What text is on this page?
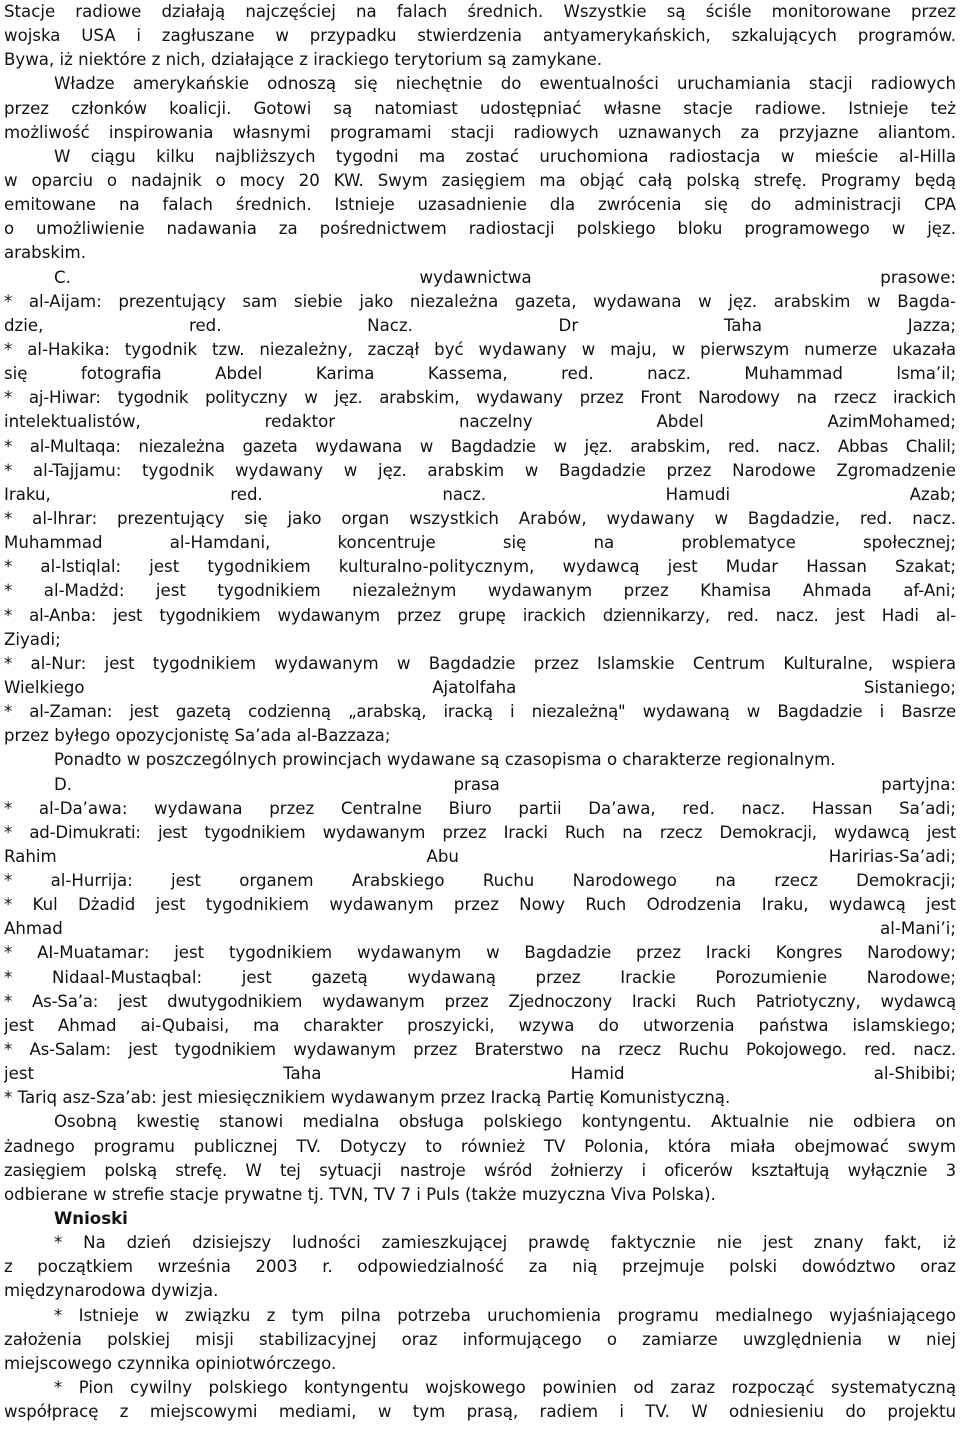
Stacje radiowe działają najczęściej na falach średnich. Wszystkie są ściśle monitorowane przez
wojska USA i zagłuszane w przypadku stwierdzenia antyamerykańskich, szkalujących programów.
Bywa, iż niektóre z nich, działające z irackiego terytorium są zamykane.
Władze amerykańskie odnoszą się niechętnie do ewentualności uruchamiania stacji radiowych
przez członków koalicji. Gotowi są natomiast udostępniać własne stacje radiowe. Istnieje też
możliwość inspirowania własnymi programami stacji radiowych uznawanych za przyjazne aliantom.
W ciągu kilku najbliższych tygodni ma zostać uruchomiona radiostacja w mieście al-Hilla
w oparciu o nadajnik o mocy 20 KW. Swym zasięgiem ma objąć całą polską strefę. Programy będą
emitowane na falach średnich. Istnieje uzasadnienie dla zwrócenia się do administracji CPA
o umożliwienie nadawania za pośrednictwem radiostacji polskiego bloku programowego w jęz.
arabskim.
C. wydawnictwa prasowe:
* al-Aijam: prezentujący sam siebie jako niezależna gazeta, wydawana w jęz. arabskim w Bagda-
dzie, red. Nacz. Dr Taha Jazza;
* al-Hakika: tygodnik tzw. niezależny, zaczął być wydawany w maju, w pierwszym numerze ukazała
się fotografia Abdel Karima Kassema, red. nacz. Muhammad lsma’il;
* aj-Hiwar: tygodnik polityczny w jęz. arabskim, wydawany przez Front Narodowy na rzecz irackich
intelektualistów, redaktor naczelny Abdel AzimMohamed;
* al-Multaqa: niezależna gazeta wydawana w Bagdadzie w jęz. arabskim, red. nacz. Abbas Chalil;
* al-Tajjamu: tygodnik wydawany w jęz. arabskim w Bagdadzie przez Narodowe Zgromadzenie
Iraku, red. nacz. Hamudi Azab;
* al-lhrar: prezentujący się jako organ wszystkich Arabów, wydawany w Bagdadzie, red. nacz.
Muhammad al-Hamdani, koncentruje się na problematyce społecznej;
* al-lstiqlal: jest tygodnikiem kulturalno-politycznym, wydawcą jest Mudar Hassan Szakat;
* al-Madżd: jest tygodnikiem niezależnym wydawanym przez Khamisa Ahmada af-Ani;
* al-Anba: jest tygodnikiem wydawanym przez grupę irackich dziennikarzy, red. nacz. jest Hadi al-
Ziyadi;
* al-Nur: jest tygodnikiem wydawanym w Bagdadzie przez Islamskie Centrum Kulturalne, wspiera
Wielkiego Ajatolfaha Sistaniego;
* al-Zaman: jest gazetą codzienną „arabską, iracką i niezależną" wydawaną w Bagdadzie i Basrze
przez byłego opozycjonistę Sa’ada al-Bazzaza;
Ponadto w poszczególnych prowincjach wydawane są czasopisma o charakterze regionalnym.
D. prasa partyjna:
* al-Da’awa: wydawana przez Centralne Biuro partii Da’awa, red. nacz. Hassan Sa’adi;
* ad-Dimukrati: jest tygodnikiem wydawanym przez Iracki Ruch na rzecz Demokracji, wydawcą jest
Rahim Abu Haririas-Sa’adi;
* al-Hurrija: jest organem Arabskiego Ruchu Narodowego na rzecz Demokracji;
* Kul Dżadid jest tygodnikiem wydawanym przez Nowy Ruch Odrodzenia Iraku, wydawcą jest
Ahmad al-Mani’i;
* AI-Muatamar: jest tygodnikiem wydawanym w Bagdadzie przez Iracki Kongres Narodowy;
* Nidaal-Mustaqbal: jest gazetą wydawaną przez Irackie Porozumienie Narodowe;
* As-Sa’a: jest dwutygodnikiem wydawanym przez Zjednoczony Iracki Ruch Patriotyczny, wydawcą
jest Ahmad ai-Qubaisi, ma charakter proszyicki, wzywa do utworzenia państwa islamskiego;
* As-Salam: jest tygodnikiem wydawanym przez Braterstwo na rzecz Ruchu Pokojowego. red. nacz.
jest Taha Hamid al-Shibibi;
* Tariq asz-Sza’ab: jest miesięcznikiem wydawanym przez Iracką Partię Komunistyczną.
Osobną kwestię stanowi medialna obsługa polskiego kontyngentu. Aktualnie nie odbiera on
żadnego programu publicznej TV. Dotyczy to również TV Polonia, która miała obejmować swym
zasięgiem polską strefę. W tej sytuacji nastroje wśród żołnierzy i oficerów kształtują wyłącznie 3
odbierane w strefie stacje prywatne tj. TVN, TV 7 i Puls (także muzyczna Viva Polska).
Wnioski
* Na dzień dzisiejszy ludności zamieszkującej prawdę faktycznie nie jest znany fakt, iż
z początkiem września 2003 r. odpowiedzialność za nią przejmuje polski dowództwo oraz
międzynarodowa dywizja.
* Istnieje w związku z tym pilna potrzeba uruchomienia programu medialnego wyjaśniającego
założenia polskiej misji stabilizacyjnej oraz informującego o zamiarze uwzględnienia w niej
miejscowego czynnika opiniotwórczego.
* Pion cywilny polskiego kontyngentu wojskowego powinien od zaraz rozpocząć systematyczną
współpracę z miejscowymi mediami, w tym prasą, radiem i TV. W odniesieniu do projektu
